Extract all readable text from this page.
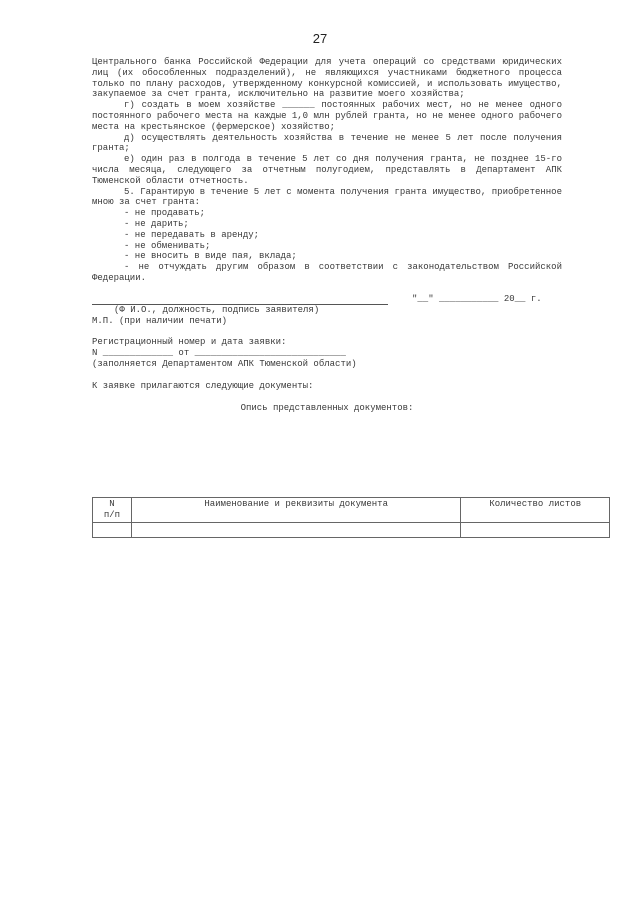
27

Центрального банка Российской Федерации для учета операций со средствами юридических лиц (их обособленных подразделений), не являющихся участниками бюджетного процесса только по плану расходов, утвержденному конкурсной комиссией, и использовать имущество, закупаемое за счет гранта, исключительно на развитие моего хозяйства;

г) создать в моем хозяйстве ______ постоянных рабочих мест, но не менее одного постоянного рабочего места на каждые 1,0 млн рублей гранта, но не менее одного рабочего места на крестьянское (фермерское) хозяйство;

д) осуществлять деятельность хозяйства в течение не менее 5 лет после получения гранта;

е) один раз в полгода в течение 5 лет со дня получения гранта, не позднее 15-го числа месяца, следующего за отчетным полугодием, представлять в Департамент АПК Тюменской области отчетность.

5. Гарантирую в течение 5 лет с момента получения гранта имущество, приобретенное мною за счет гранта:

- не продавать;

- не дарить;

- не передавать в аренду;

- не обменивать;

- не вносить в виде пая, вклада;

- не отчуждать другим образом в соответствии с законодательством Российской Федерации.

"__" ___________ 20__ г.

(Ф И.О., должность, подпись заявителя)

М.П. (при наличии печати)

Регистрационный номер и дата заявки:

N _____________ от ____________________________

(заполняется Департаментом АПК Тюменской области)

К заявке прилагаются следующие документы:

Опись представленных документов:

N
п/п	Наименование и реквизиты документа	Количество листов
